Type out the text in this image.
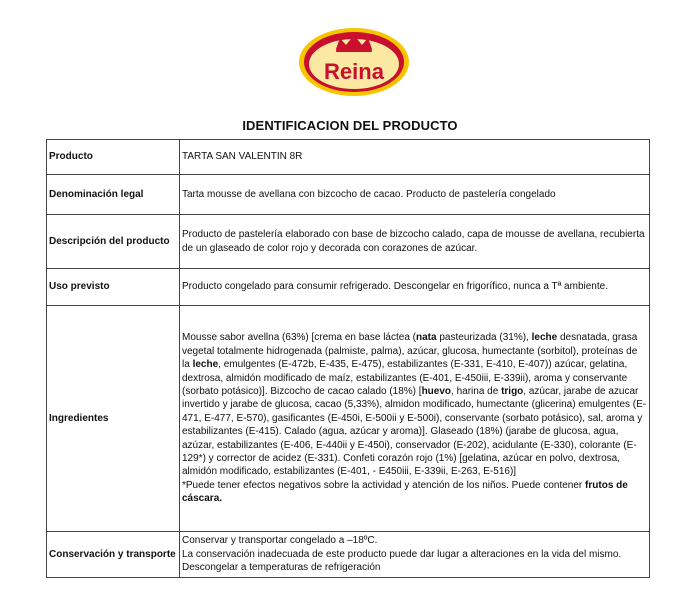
Reina
IDENTIFICACION DEL PRODUCTO
Producto	TARTA SAN VALENTIN 8R
Denominación legal	Tarta mousse de avellana con bizcocho de cacao. Producto de pastelería congelado
Descripción del producto	Producto de pastelería elaborado con base de bizcocho calado, capa de mousse de avellana, recubierta de un glaseado de color rojo y decorada con corazones de azúcar.
Uso previsto	Producto congelado para consumir refrigerado. Descongelar en frigorífico, nunca a Tª ambiente.
Ingredientes	Mousse sabor avellna (63%) [crema en base láctea (nata pasteurizada (31%), leche desnatada, grasa vegetal totalmente hidrogenada (palmiste, palma), azúcar, glucosa, humectante (sorbitol), proteínas de la leche, emulgentes (E-472b, E-435, E-475), estabilizantes (E-331, E-410, E-407)) azúcar, gelatina, dextrosa, almidón modificado de maíz, estabilizantes (E-401, E-450iii, E-339ii), aroma y conservante (sorbato potásico)]. Bizcocho de cacao calado (18%) [huevo, harina de trigo, azúcar, jarabe de azucar invertido y jarabe de glucosa, cacao (5,33%), almidon modificado, humectante (glicerina) emulgentes (E-471, E-477, E-570), gasificantes (E-450i, E-500ii y E-500i), conservante (sorbato potásico), sal, aroma y estabilizantes (E-415). Calado (agua, azúcar y aroma)]. Glaseado (18%) (jarabe de glucosa, agua, azúzar, estabilizantes (E-406, E-440ii y E-450i), conservador (E-202), acidulante (E-330), colorante (E-129*) y corrector de acidez (E-331). Confeti corazón rojo (1%) [gelatina, azúcar en polvo, dextrosa, almidón modificado, estabilizantes (E-401, - E450iii, E-339ii, E-263, E-516)]

*Puede tener efectos negativos sobre la actividad y atención de los niños. Puede contener frutos de cáscara.

Conservación y transporte	Conservar y transportar congelado a –18ºC.
La conservación inadecuada de este producto puede dar lugar a alteraciones en la vida del mismo.
Descongelar a temperaturas de refrigeración
